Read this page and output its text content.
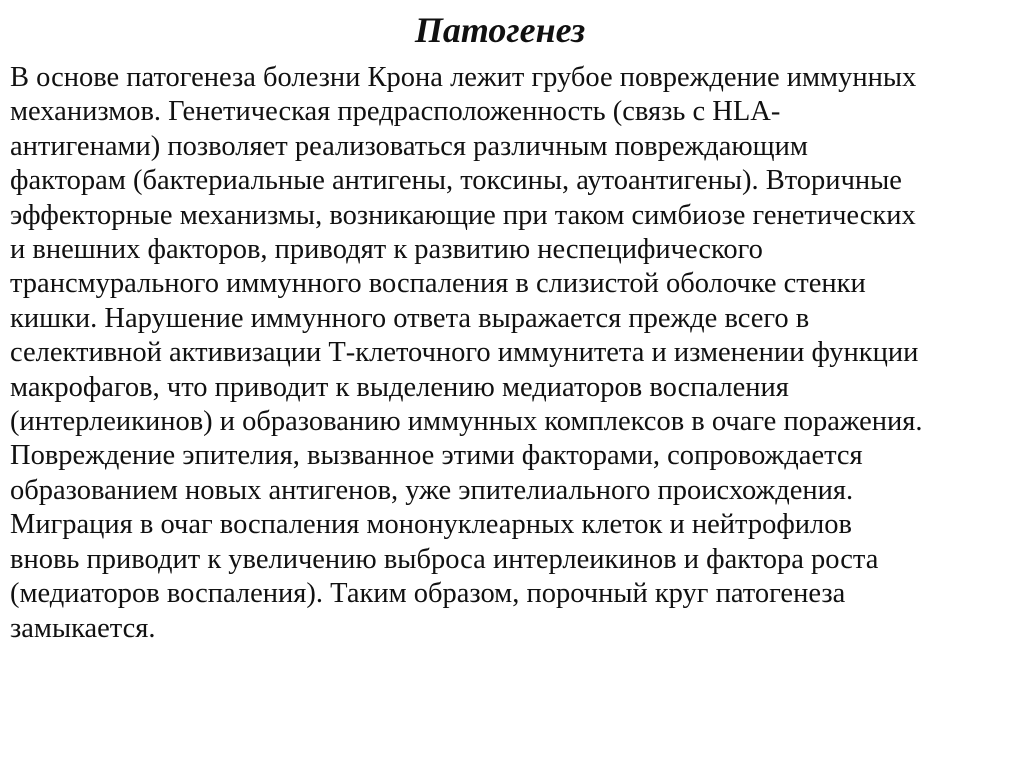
Патогенез
В основе патогенеза болезни Крона лежит грубое повреждение иммунных
механизмов. Генетическая предрасположенность (связь с HLA-
антигенами) позволяет реализоваться различным повреждающим
факторам (бактериальные антигены, токсины, аутоантигены). Вторичные
эффекторные механизмы, возникающие при таком симбиозе генетических
и внешних факторов, приводят к развитию неспецифического
трансмурального иммунного воспаления в слизистой оболочке стенки
кишки. Нарушение иммунного ответа выражается прежде всего в
селективной активизации Т-клеточного иммунитета и изменении функции
макрофагов, что приводит к выделению медиаторов воспаления
(интерлеикинов) и образованию иммунных комплексов в очаге поражения.
Повреждение эпителия, вызванное этими факторами, сопровождается
образованием новых антигенов, уже эпителиального происхождения.
Миграция в очаг воспаления мононуклеарных клеток и нейтрофилов
вновь приводит к увеличению выброса интерлеикинов и фактора роста
(медиаторов воспаления). Таким образом, порочный круг патогенеза
замыкается.
